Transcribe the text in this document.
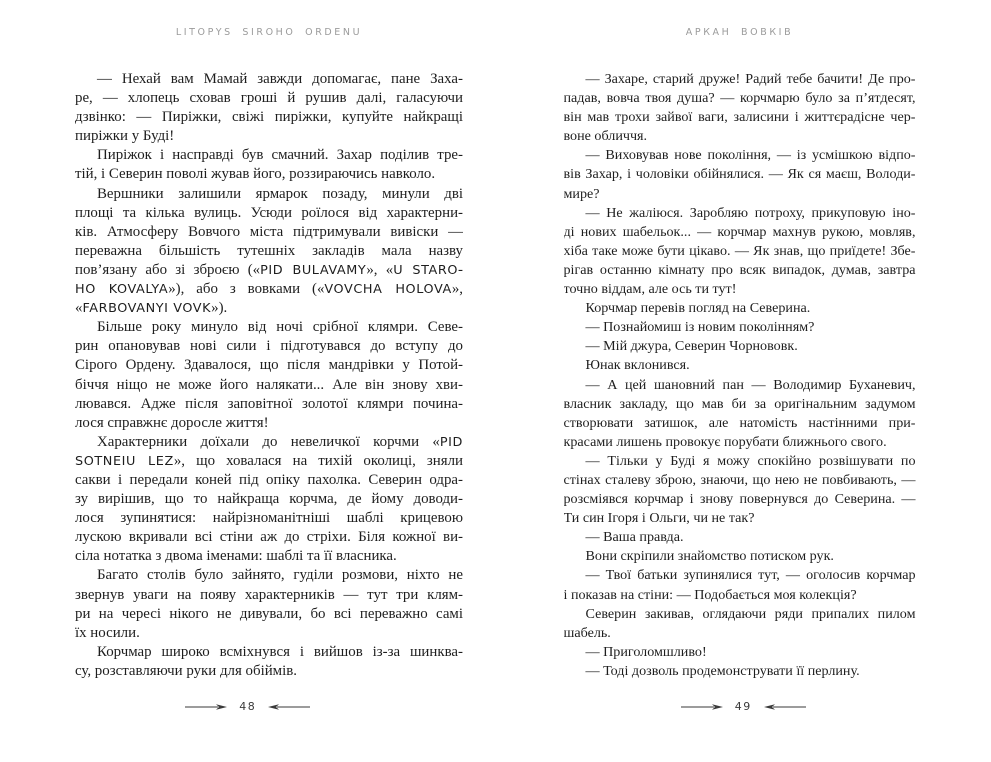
LITOPYS SIROHO ORDENU
— Нехай вам Мамай завжди допомагає, пане Заха-
ре, — хлопець сховав гроші й рушив далі, галасуючи
дзвінко: — Пиріжки, свіжі пиріжки, купуйте найкращі
пиріжки у Буді!
Пиріжок і насправді був смачний. Захар поділив тре-
тій, і Северин поволі жував його, роззираючись навколо.
Вершники залишили ярмарок позаду, минули дві
площі та кілька вулиць. Усюди роїлося від характерни-
ків. Атмосферу Вовчого міста підтримували вивіски —
переважна більшість тутешніх закладів мала назву
пов’язану або зі зброєю («PID BULAVAMY», «U STARO-
HO KOVALYA»), або з вовками («VOVCHA HOLOVA»,
«FARBOVANYI VOVK»).
Більше року минуло від ночі срібної клямри. Севе-
рин опановував нові сили і підготувався до вступу до
Сірого Ордену. Здавалося, що після мандрівки у Потой-
біччя ніщо не може його налякати... Але він знову хви-
лювався. Адже після заповітної золотої клямри почина-
лося справжнє доросле життя!
Характерники доїхали до невеличкої корчми «PID
SOTNEIU LEZ», що ховалася на тихій околиці, зняли
сакви і передали коней під опіку пахолка. Северин одра-
зу вирішив, що то найкраща корчма, де йому доводи-
лося зупинятися: найрізноманітніші шаблі крицевою
лускою вкривали всі стіни аж до стріхи. Біля кожної ви-
сіла нотатка з двома іменами: шаблі та її власника.
Багато столів було зайнято, гуділи розмови, ніхто не
звернув уваги на появу характерників — тут три клям-
ри на чересі нікого не дивували, бо всі переважно самі
їх носили.
Корчмар широко всміхнувся і вийшов із-за шинква-
су, розставляючи руки для обіймів.
48
АРКАН ВОВКІВ
— Захаре, старий друже! Радий тебе бачити! Де про-
падав, вовча твоя душа? — корчмарю було за п’ятдесят,
він мав трохи зайвої ваги, залисини і життєрадісне чер-
воне обличчя.
— Виховував нове покоління, — із усмішкою відпо-
вів Захар, і чоловіки обійнялися. — Як ся маєш, Володи-
мире?
— Не жаліюся. Заробляю потроху, прикуповую іно-
ді нових шабельок... — корчмар махнув рукою, мовляв,
хіба таке може бути цікаво. — Як знав, що приїдете! Збе-
рігав останню кімнату про всяк випадок, думав, завтра
точно віддам, але ось ти тут!
Корчмар перевів погляд на Северина.
— Познайомиш із новим поколінням?
— Мій джура, Северин Чорнововк.
Юнак вклонився.
— А цей шановний пан — Володимир Буханевич,
власник закладу, що мав би за оригінальним задумом
створювати затишок, але натомість настінними при-
красами лишень провокує порубати ближнього свого.
— Тільки у Буді я можу спокійно розвішувати по
стінах сталеву зброю, знаючи, що нею не повбивають, —
розсміявся корчмар і знову повернувся до Северина. —
Ти син Ігоря і Ольги, чи не так?
— Ваша правда.
Вони скріпили знайомство потиском рук.
— Твої батьки зупинялися тут, — оголосив корчмар
і показав на стіни: — Подобається моя колекція?
Северин закивав, оглядаючи ряди припалих пилом
шабель.
— Приголомшливо!
— Тоді дозволь продемонструвати її перлину.
49
